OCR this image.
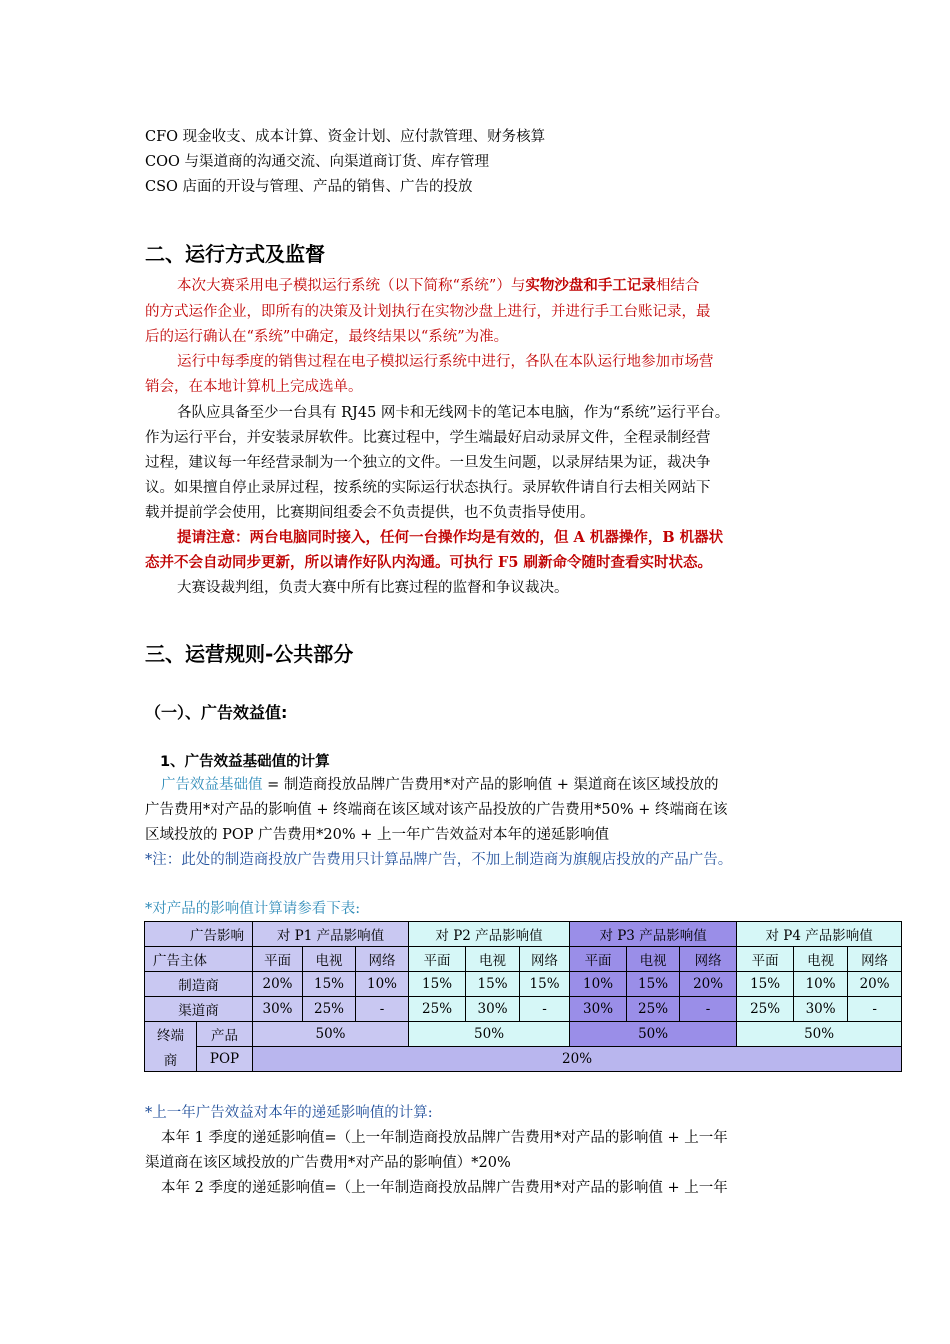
CFO 现金收支、成本计算、资金计划、应付款管理、财务核算
COO 与渠道商的沟通交流、向渠道商订货、库存管理
CSO 店面的开设与管理、产品的销售、广告的投放
二、运行方式及监督
本次大赛采用电子模拟运行系统（以下简称“系统”）与实物沙盘和手工记录相结合
的方式运作企业，即所有的决策及计划执行在实物沙盘上进行，并进行手工台账记录，最
后的运行确认在“系统”中确定，最终结果以“系统”为准。
运行中每季度的销售过程在电子模拟运行系统中进行，各队在本队运行地参加市场营
销会，在本地计算机上完成选单。
各队应具备至少一台具有 RJ45 网卡和无线网卡的笔记本电脑，作为“系统”运行平台。
作为运行平台，并安装录屏软件。比赛过程中，学生端最好启动录屏文件，全程录制经营
过程，建议每一年经营录制为一个独立的文件。一旦发生问题，以录屏结果为证，裁决争
议。如果擅自停止录屏过程，按系统的实际运行状态执行。录屏软件请自行去相关网站下
载并提前学会使用，比赛期间组委会不负责提供，也不负责指导使用。
提请注意：两台电脑同时接入，任何一台操作均是有效的，但 A 机器操作，B 机器状
态并不会自动同步更新，所以请作好队内沟通。可执行 F5 刷新命令随时查看实时状态。
大赛设裁判组，负责大赛中所有比赛过程的监督和争议裁决。
三、运营规则-公共部分
（一）、广告效益值:
1、广告效益基础值的计算
广告效益基础值 = 制造商投放品牌广告费用*对产品的影响值 + 渠道商在该区域投放的
广告费用*对产品的影响值 + 终端商在该区域对该产品投放的广告费用*50% + 终端商在该
区域投放的 POP 广告费用*20% + 上一年广告效益对本年的递延影响值
*注：此处的制造商投放广告费用只计算品牌广告，不加上制造商为旗舰店投放的产品广告。
*对产品的影响值计算请参看下表:
广告影响		对 P1 产品影响值			对 P2 产品影响值			对 P3 产品影响值			对 P4 产品影响值		
广告主体		平面	电视	网络	平面	电视	网络	平面	电视	网络	平面	电视	网络
制造商		20%	15%	10%	15%	15%	15%	10%	15%	20%	15%	10%	20%
渠道商		30%	25%	-	25%	30%	-	30%	25%	-	25%	30%	-
终端	产品	50%			50%			50%			50%		
商	POP	20%											
*上一年广告效益对本年的递延影响值的计算:
本年 1 季度的递延影响值=（上一年制造商投放品牌广告费用*对产品的影响值 + 上一年
渠道商在该区域投放的广告费用*对产品的影响值）*20%
本年 2 季度的递延影响值=（上一年制造商投放品牌广告费用*对产品的影响值 + 上一年
